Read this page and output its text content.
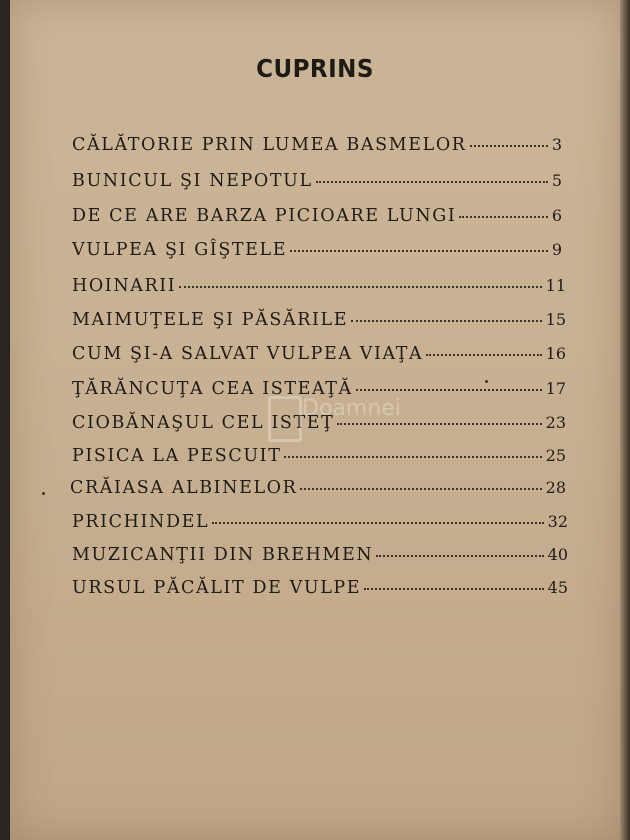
CUPRINS
CĂLĂTORIE PRIN LUMEA BASMELOR	3
BUNICUL ŞI NEPOTUL	5
DE CE ARE BARZA PICIOARE LUNGI	6
VULPEA ŞI GÎŞTELE	9
HOINARII	11
MAIMUŢELE ŞI PĂSĂRILE	15
CUM ŞI-A SALVAT VULPEA VIAŢA	16
ŢĂRĂNCUŢA CEA ISTEAŢĂ	17
CIOBĂNAŞUL CEL ISTEŢ	23
PISICA LA PESCUIT	25
CRĂIASA ALBINELOR	28
PRICHINDEL	32
MUZICANŢII DIN BREHMEN	40
URSUL PĂCĂLIT DE VULPE	45
Doamnei
